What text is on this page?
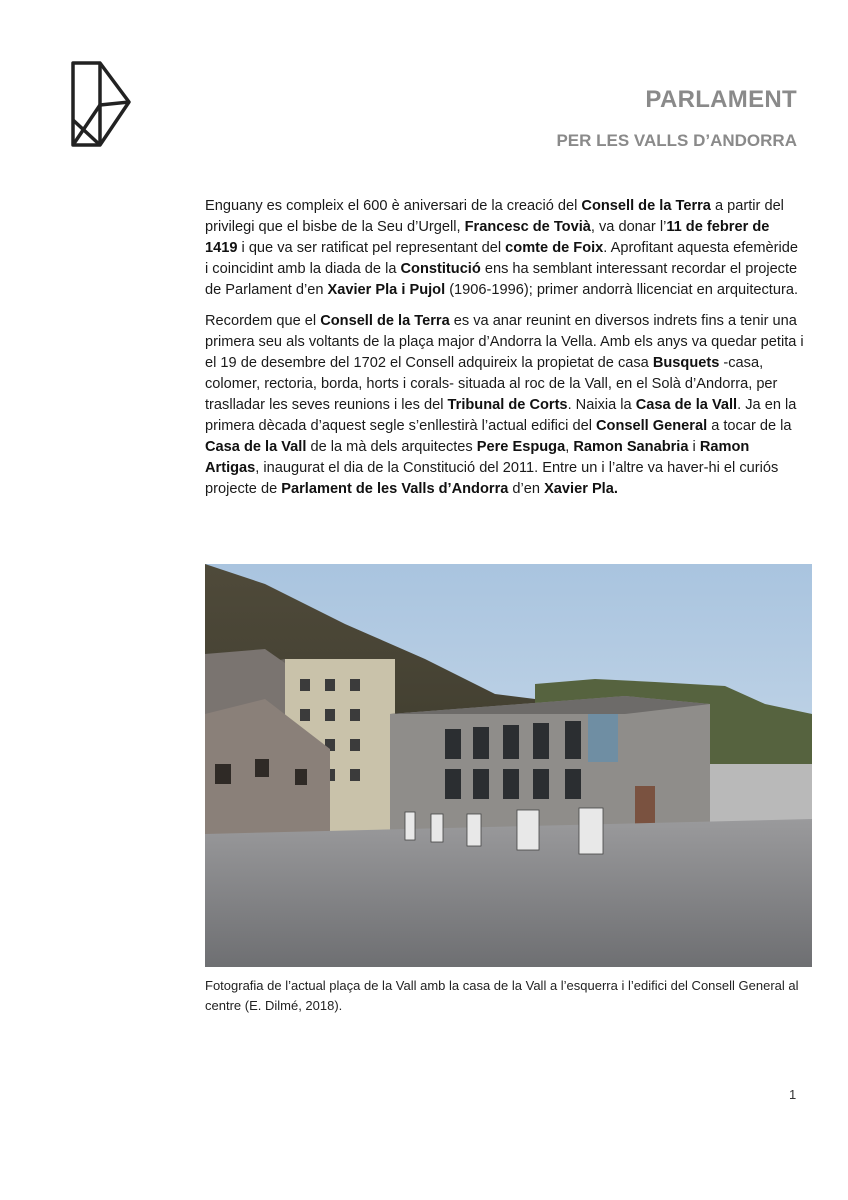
PARLAMENT
PER LES VALLS D’ANDORRA

Enguany es compleix el 600 è aniversari de la creació del Consell de la Terra a partir del privilegi que el bisbe de la Seu d’Urgell, Francesc de Tovià, va donar l’11 de febrer de 1419 i que va ser ratificat pel representant del comte de Foix. Aprofitant aquesta efemèride i coincidint amb la diada de la Constitució ens ha semblant interessant recordar el projecte de Parlament d’en Xavier Pla i Pujol (1906-1996); primer andorrà llicenciat en arquitectura.

Recordem que el Consell de la Terra es va anar reunint en diversos indrets fins a tenir una primera seu als voltants de la plaça major d’Andorra la Vella. Amb els anys va quedar petita i el 19 de desembre del 1702 el Consell adquireix la propietat de casa Busquets -casa, colomer, rectoria, borda, horts i corals- situada al roc de la Vall, en el Solà d’Andorra, per traslladar les seves reunions i les del Tribunal de Corts. Naixia la Casa de la Vall. Ja en la primera dècada d’aquest segle s’enllestirà l’actual edifici del Consell General a tocar de la Casa de la Vall de la mà dels arquitectes Pere Espuga, Ramon Sanabria i Ramon Artigas, inaugurat el dia de la Constitució del 2011. Entre un i l’altre va haver-hi el curiós projecte de Parlament de les Valls d’Andorra d’en Xavier Pla.

Fotografia de l’actual plaça de la Vall amb la casa de la Vall a l’esquerra i l’edifici del Consell General al centre (E. Dilmé, 2018).
1
